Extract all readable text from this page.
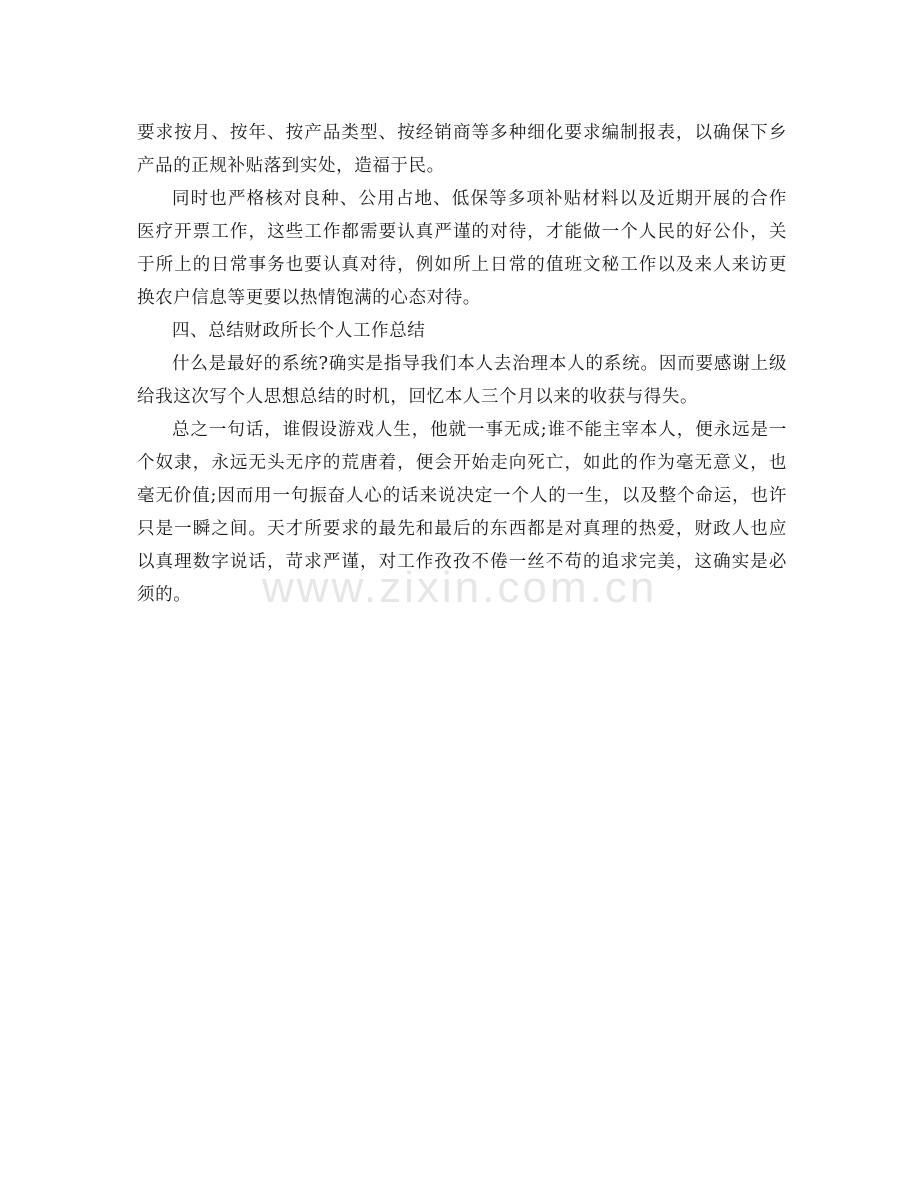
www.zixin.com.cn

要求按月、按年、按产品类型、按经销商等多种细化要求编制报表，以确保下乡产品的正规补贴落到实处，造福于民。

同时也严格核对良种、公用占地、低保等多项补贴材料以及近期开展的合作医疗开票工作，这些工作都需要认真严谨的对待，才能做一个人民的好公仆，关于所上的日常事务也要认真对待，例如所上日常的值班文秘工作以及来人来访更换农户信息等更要以热情饱满的心态对待。

四、总结财政所长个人工作总结

什么是最好的系统?确实是指导我们本人去治理本人的系统。因而要感谢上级给我这次写个人思想总结的时机，回忆本人三个月以来的收获与得失。

总之一句话，谁假设游戏人生，他就一事无成;谁不能主宰本人，便永远是一个奴隶，永远无头无序的荒唐着，便会开始走向死亡，如此的作为毫无意义，也毫无价值;因而用一句振奋人心的话来说决定一个人的一生，以及整个命运，也许只是一瞬之间。天才所要求的最先和最后的东西都是对真理的热爱，财政人也应以真理数字说话，苛求严谨，对工作孜孜不倦一丝不苟的追求完美，这确实是必须的。
